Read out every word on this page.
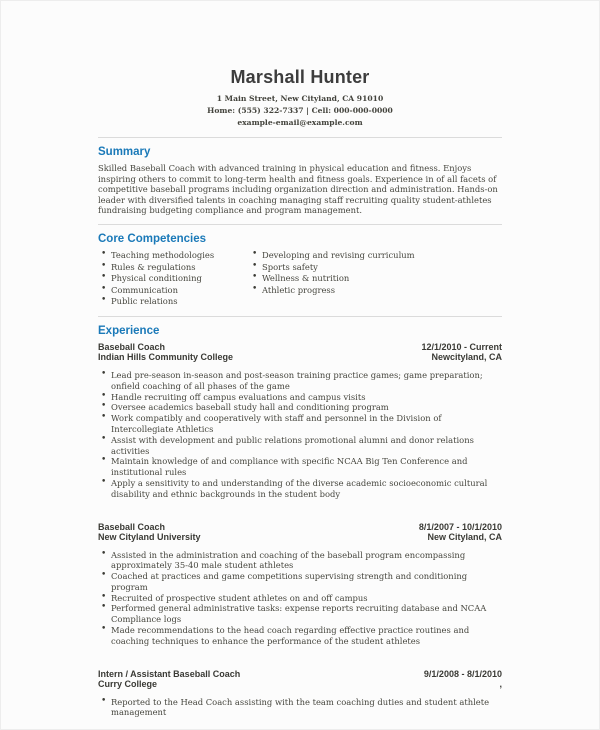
Marshall Hunter
1 Main Street, New Cityland, CA 91010
Home: (555) 322-7337 | Cell: 000-000-0000
example-email@example.com
Summary

Skilled Baseball Coach with advanced training in physical education and fitness. Enjoys inspiring others to commit to long-term health and fitness goals. Experience in of all facets of competitive baseball programs including organization direction and administration. Hands-on leader with diversified talents in coaching managing staff recruiting quality student-athletes fundraising budgeting compliance and program management.

Core Competencies
• Teaching methodologies
• Rules & regulations
• Physical conditioning
• Communication
• Public relations
• Developing and revising curriculum
• Sports safety
• Wellness & nutrition
• Athletic progress
Experience
Baseball Coach
Indian Hills Community College
12/1/2010 - Current
Newcityland, CA
• Lead pre-season in-season and post-season training practice games; game preparation; onfield coaching of all phases of the game
• Handle recruiting off campus evaluations and campus visits
• Oversee academics baseball study hall and conditioning program
• Work compatibly and cooperatively with staff and personnel in the Division of Intercollegiate Athletics
• Assist with development and public relations promotional alumni and donor relations activities
• Maintain knowledge of and compliance with specific NCAA Big Ten Conference and institutional rules
• Apply a sensitivity to and understanding of the diverse academic socioeconomic cultural disability and ethnic backgrounds in the student body
Baseball Coach
New Cityland University
8/1/2007 - 10/1/2010
New Cityland, CA
• Assisted in the administration and coaching of the baseball program encompassing approximately 35-40 male student athletes
• Coached at practices and game competitions supervising strength and conditioning program
• Recruited of prospective student athletes on and off campus
• Performed general administrative tasks: expense reports recruiting database and NCAA Compliance logs
• Made recommendations to the head coach regarding effective practice routines and coaching techniques to enhance the performance of the student athletes
Intern / Assistant Baseball Coach
Curry College
9/1/2008 - 8/1/2010
,
• Reported to the Head Coach assisting with the team coaching duties and student athlete management
